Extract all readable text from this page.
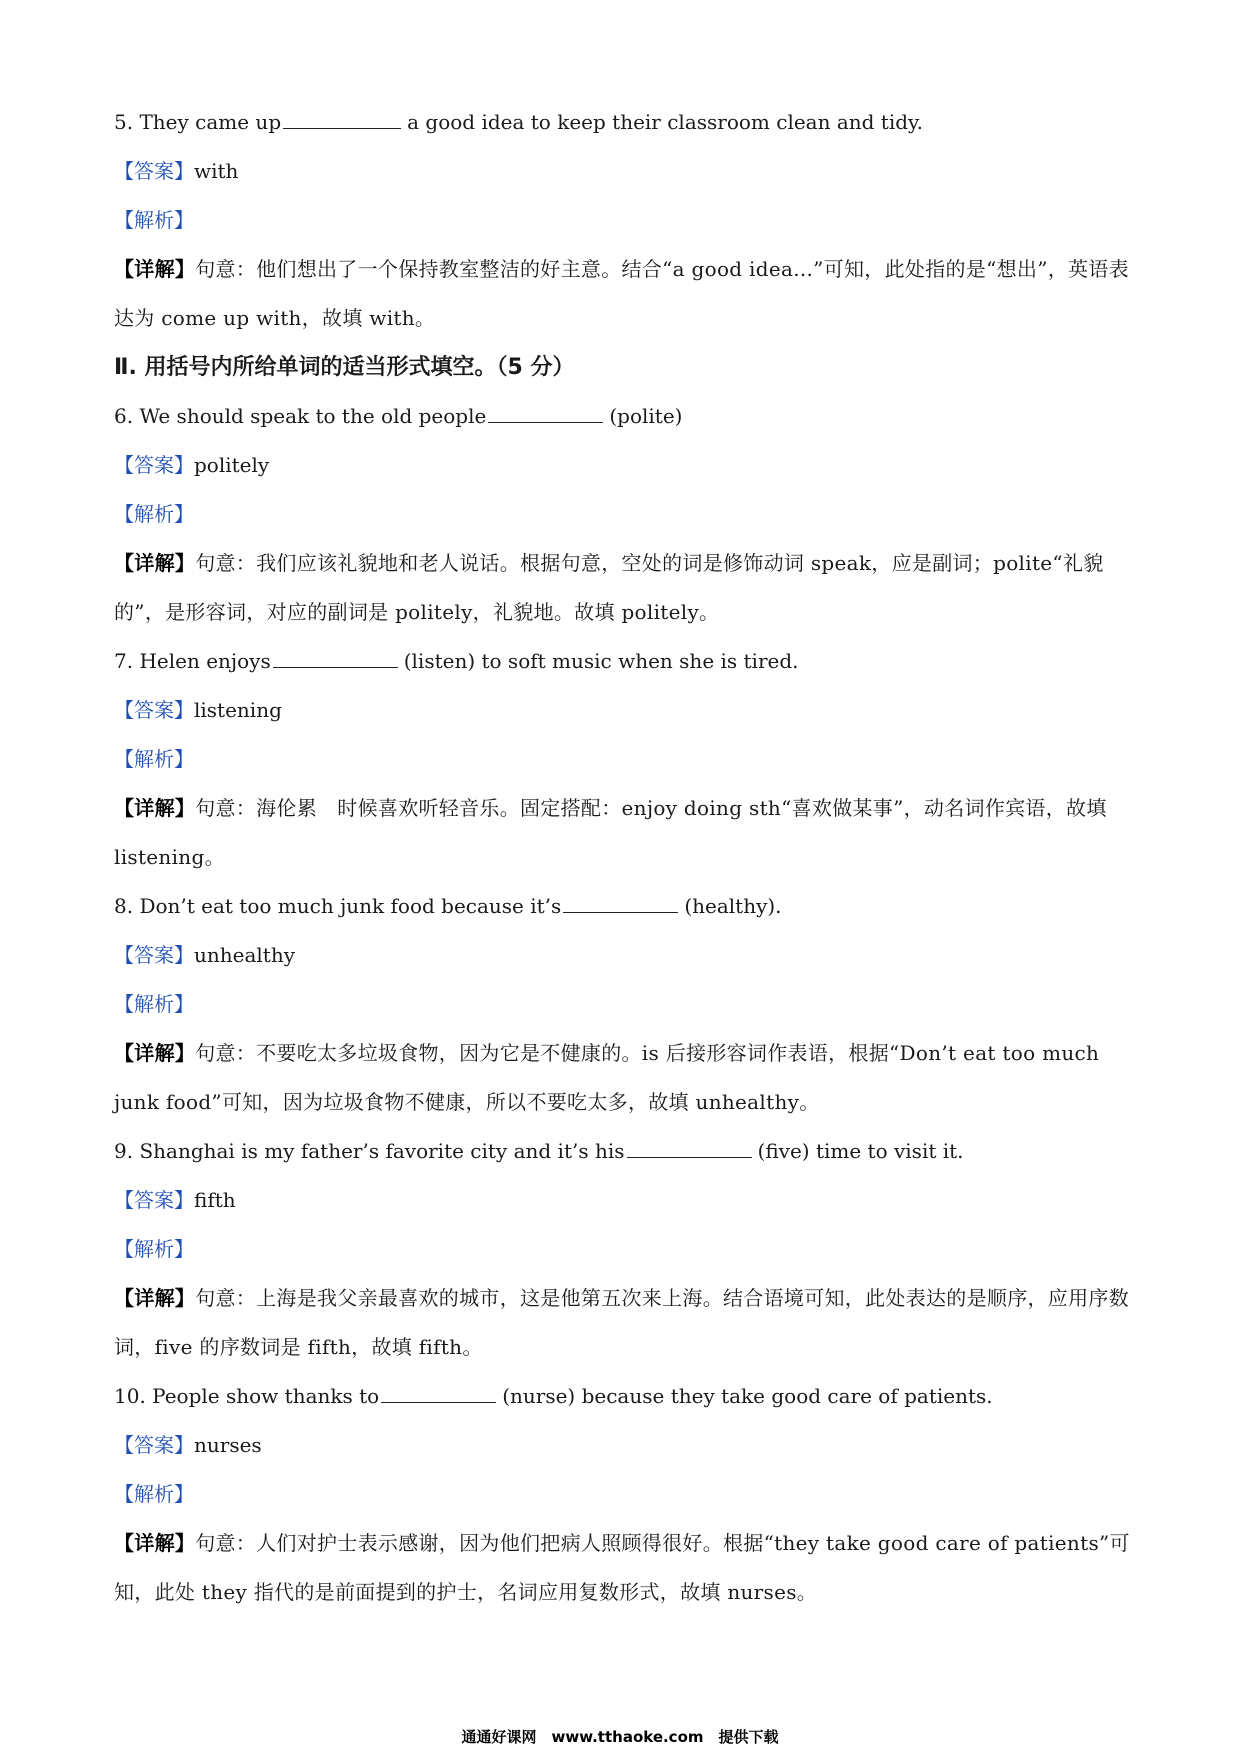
5. They came up	a good idea to keep their classroom clean and tidy.
【答案】with
【解析】
【详解】句意：他们想出了一个保持教室整洁的好主意。结合“a good idea...”可知，此处指的是“想出”，英语表达为 come up with，故填 with。
Ⅱ. 用括号内所给单词的适当形式填空。（5 分）
6. We should speak to the old people	(polite)
【答案】politely
【解析】
【详解】句意：我们应该礼貌地和老人说话。根据句意，空处的词是修饰动词 speak，应是副词；polite“礼貌的”，是形容词，对应的副词是 politely，礼貌地。故填 politely。
7. Helen enjoys	(listen) to soft music when she is tired.
【答案】listening
【解析】
【详解】句意：海伦累　时候喜欢听轻音乐。固定搭配：enjoy doing sth“喜欢做某事”，动名词作宾语，故填 listening。
8. Don’t eat too much junk food because it’s	(healthy).
【答案】unhealthy
【解析】
【详解】句意：不要吃太多垃圾食物，因为它是不健康的。is 后接形容词作表语，根据“Don’t eat too much junk food”可知，因为垃圾食物不健康，所以不要吃太多，故填 unhealthy。
9. Shanghai is my father’s favorite city and it’s his	(five) time to visit it.
【答案】fifth
【解析】
【详解】句意：上海是我父亲最喜欢的城市，这是他第五次来上海。结合语境可知，此处表达的是顺序，应用序数词，five 的序数词是 fifth，故填 fifth。
10. People show thanks to	(nurse) because they take good care of patients.
【答案】nurses
【解析】
【详解】句意：人们对护士表示感谢，因为他们把病人照顾得很好。根据“they take good care of patients”可知，此处 they 指代的是前面提到的护士，名词应用复数形式，故填 nurses。
通通好课网　www.tthaoke.com　提供下载
